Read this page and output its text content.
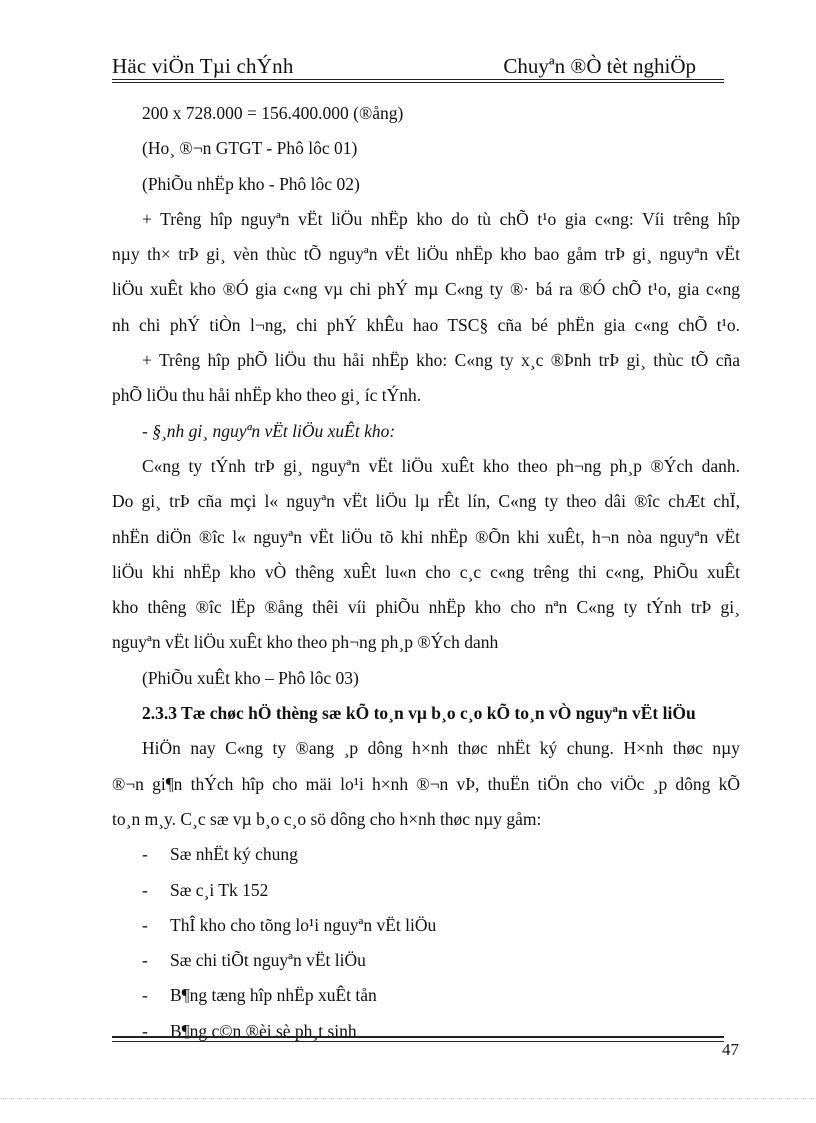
Häc viÖn Tµi chÝnh	Chuyªn ®Ò tèt nghiÖp
200 x 728.000 = 156.400.000 (®ång)
(Ho¸ ®¬n GTGT - Phô lôc 01)
(PhiÕu nhËp kho - Phô lôc 02)
+ Trêng hîp nguyªn vËt liÖu nhËp kho do tù chÕ t¹o gia c«ng: Víi trêng hîp
nµy th× trÞ gi¸ vèn thùc tÕ nguyªn vËt liÖu nhËp kho bao gåm trÞ gi¸ nguyªn vËt
liÖu xuÊt kho ®Ó gia c«ng vµ chi phÝ mµ C«ng ty ®· bá ra ®Ó chÕ t¹o, gia c«ng
nh chi phÝ tiÒn l¬ng, chi phÝ khÊu hao TSC§ cña bé phËn gia c«ng chÕ t¹o.
+ Trêng hîp phÕ liÖu thu håi nhËp kho: C«ng ty x¸c ®Þnh trÞ gi¸ thùc tÕ cña
phÕ liÖu thu håi nhËp kho theo gi¸ íc tÝnh.
- §¸nh gi¸ nguyªn vËt liÖu xuÊt kho:
C«ng ty tÝnh trÞ gi¸ nguyªn vËt liÖu xuÊt kho theo ph¬ng ph¸p ®Ých danh.
Do gi¸ trÞ cña mçi l« nguyªn vËt liÖu lµ rÊt lín, C«ng ty theo dâi ®îc chÆt chÏ,
nhËn diÖn ®îc l« nguyªn vËt liÖu tõ khi nhËp ®Õn khi xuÊt, h¬n nòa nguyªn vËt
liÖu khi nhËp kho vÒ thêng xuÊt lu«n cho c¸c c«ng trêng thi c«ng, PhiÕu xuÊt
kho thêng ®îc lËp ®ång thêi víi phiÕu nhËp kho cho nªn C«ng ty tÝnh trÞ gi¸
nguyªn vËt liÖu xuÊt kho theo ph¬ng ph¸p ®Ých danh
(PhiÕu xuÊt kho – Phô lôc 03)
2.3.3 Tæ chøc hÖ thèng sæ kÕ to¸n vµ b¸o c¸o kÕ to¸n vÒ nguyªn vËt liÖu
HiÖn nay C«ng ty ®ang ¸p dông h×nh thøc nhËt ký chung. H×nh thøc nµy
®¬n gi¶n thÝch hîp cho mäi lo¹i h×nh ®¬n vÞ, thuËn tiÖn cho viÖc ¸p dông kÕ
to¸n m¸y. C¸c sæ vµ b¸o c¸o sö dông cho h×nh thøc nµy gåm:
- Sæ nhËt ký chung
- Sæ c¸i Tk 152
- ThÎ kho cho tõng lo¹i nguyªn vËt liÖu
- Sæ chi tiÕt nguyªn vËt liÖu
- B¶ng tæng hîp nhËp xuÊt tån
- B¶ng c©n ®èi sè ph¸t sinh
47
